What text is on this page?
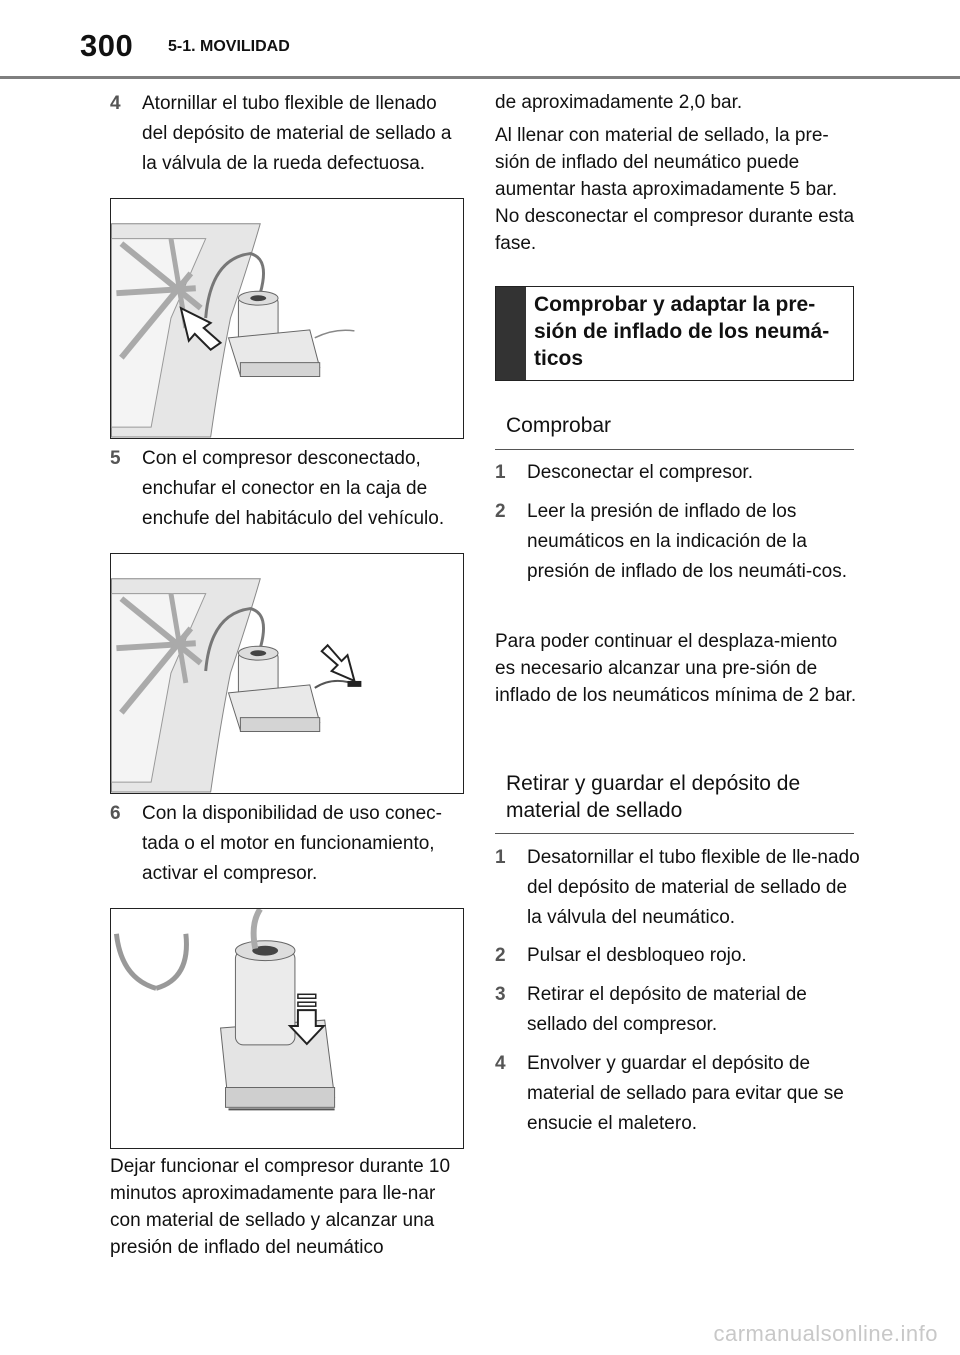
300 5-1. MOVILIDAD
4 Atornillar el tubo flexible de llenado del depósito de material de sellado a la válvula de la rueda defectuosa.
5 Con el compresor desconectado, enchufar el conector en la caja de enchufe del habitáculo del vehículo.
6 Con la disponibilidad de uso conec-tada o el motor en funcionamiento, activar el compresor.
Dejar funcionar el compresor durante 10 minutos aproximadamente para lle-nar con material de sellado y alcanzar una presión de inflado del neumático
de aproximadamente 2,0 bar.
Al llenar con material de sellado, la pre-sión de inflado del neumático puede aumentar hasta aproximadamente 5 bar. No desconectar el compresor durante esta fase.
Comprobar y adaptar la pre-sión de inflado de los neumá-ticos
Comprobar
1 Desconectar el compresor.
2 Leer la presión de inflado de los neumáticos en la indicación de la presión de inflado de los neumáti-cos.
Para poder continuar el desplaza-miento es necesario alcanzar una pre-sión de inflado de los neumáticos mínima de 2 bar.
Retirar y guardar el depósito de material de sellado
1 Desatornillar el tubo flexible de lle-nado del depósito de material de sellado de la válvula del neumático.
2 Pulsar el desbloqueo rojo.
3 Retirar el depósito de material de sellado del compresor.
4 Envolver y guardar el depósito de material de sellado para evitar que se ensucie el maletero.
carmanualsonline.info
